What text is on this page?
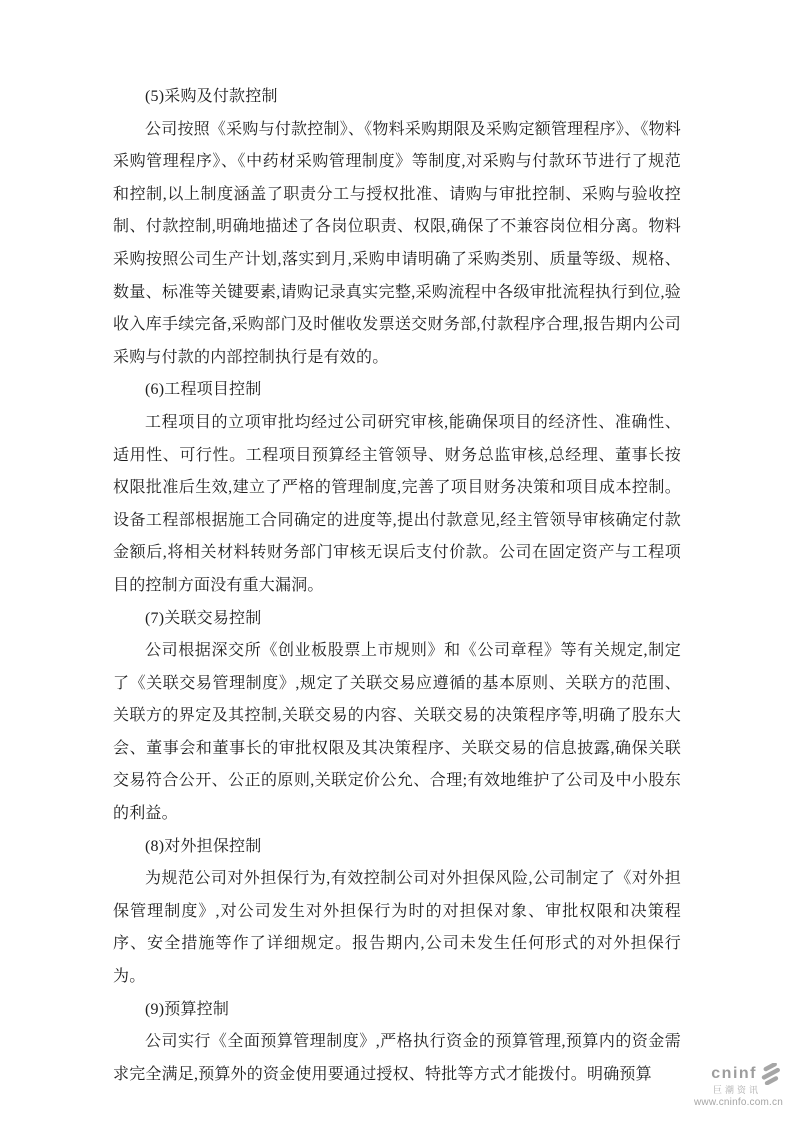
(5)采购及付款控制

公司按照《采购与付款控制》、《物料采购期限及采购定额管理程序》、《物料采购管理程序》、《中药材采购管理制度》等制度,对采购与付款环节进行了规范和控制,以上制度涵盖了职责分工与授权批准、请购与审批控制、采购与验收控制、付款控制,明确地描述了各岗位职责、权限,确保了不兼容岗位相分离。物料采购按照公司生产计划,落实到月,采购申请明确了采购类别、质量等级、规格、数量、标准等关键要素,请购记录真实完整,采购流程中各级审批流程执行到位,验收入库手续完备,采购部门及时催收发票送交财务部,付款程序合理,报告期内公司采购与付款的内部控制执行是有效的。

(6)工程项目控制

工程项目的立项审批均经过公司研究审核,能确保项目的经济性、准确性、适用性、可行性。工程项目预算经主管领导、财务总监审核,总经理、董事长按权限批准后生效,建立了严格的管理制度,完善了项目财务决策和项目成本控制。设备工程部根据施工合同确定的进度等,提出付款意见,经主管领导审核确定付款金额后,将相关材料转财务部门审核无误后支付价款。公司在固定资产与工程项目的控制方面没有重大漏洞。

(7)关联交易控制

公司根据深交所《创业板股票上市规则》和《公司章程》等有关规定,制定了《关联交易管理制度》,规定了关联交易应遵循的基本原则、关联方的范围、关联方的界定及其控制,关联交易的内容、关联交易的决策程序等,明确了股东大会、董事会和董事长的审批权限及其决策程序、关联交易的信息披露,确保关联交易符合公开、公正的原则,关联定价公允、合理;有效地维护了公司及中小股东的利益。

(8)对外担保控制

为规范公司对外担保行为,有效控制公司对外担保风险,公司制定了《对外担保管理制度》,对公司发生对外担保行为时的对担保对象、审批权限和决策程序、安全措施等作了详细规定。报告期内,公司未发生任何形式的对外担保行为。

(9)预算控制

公司实行《全面预算管理制度》,严格执行资金的预算管理,预算内的资金需求完全满足,预算外的资金使用要通过授权、特批等方式才能拨付。明确预算	cninf
巨潮资讯
www.cninfo.com.cn
